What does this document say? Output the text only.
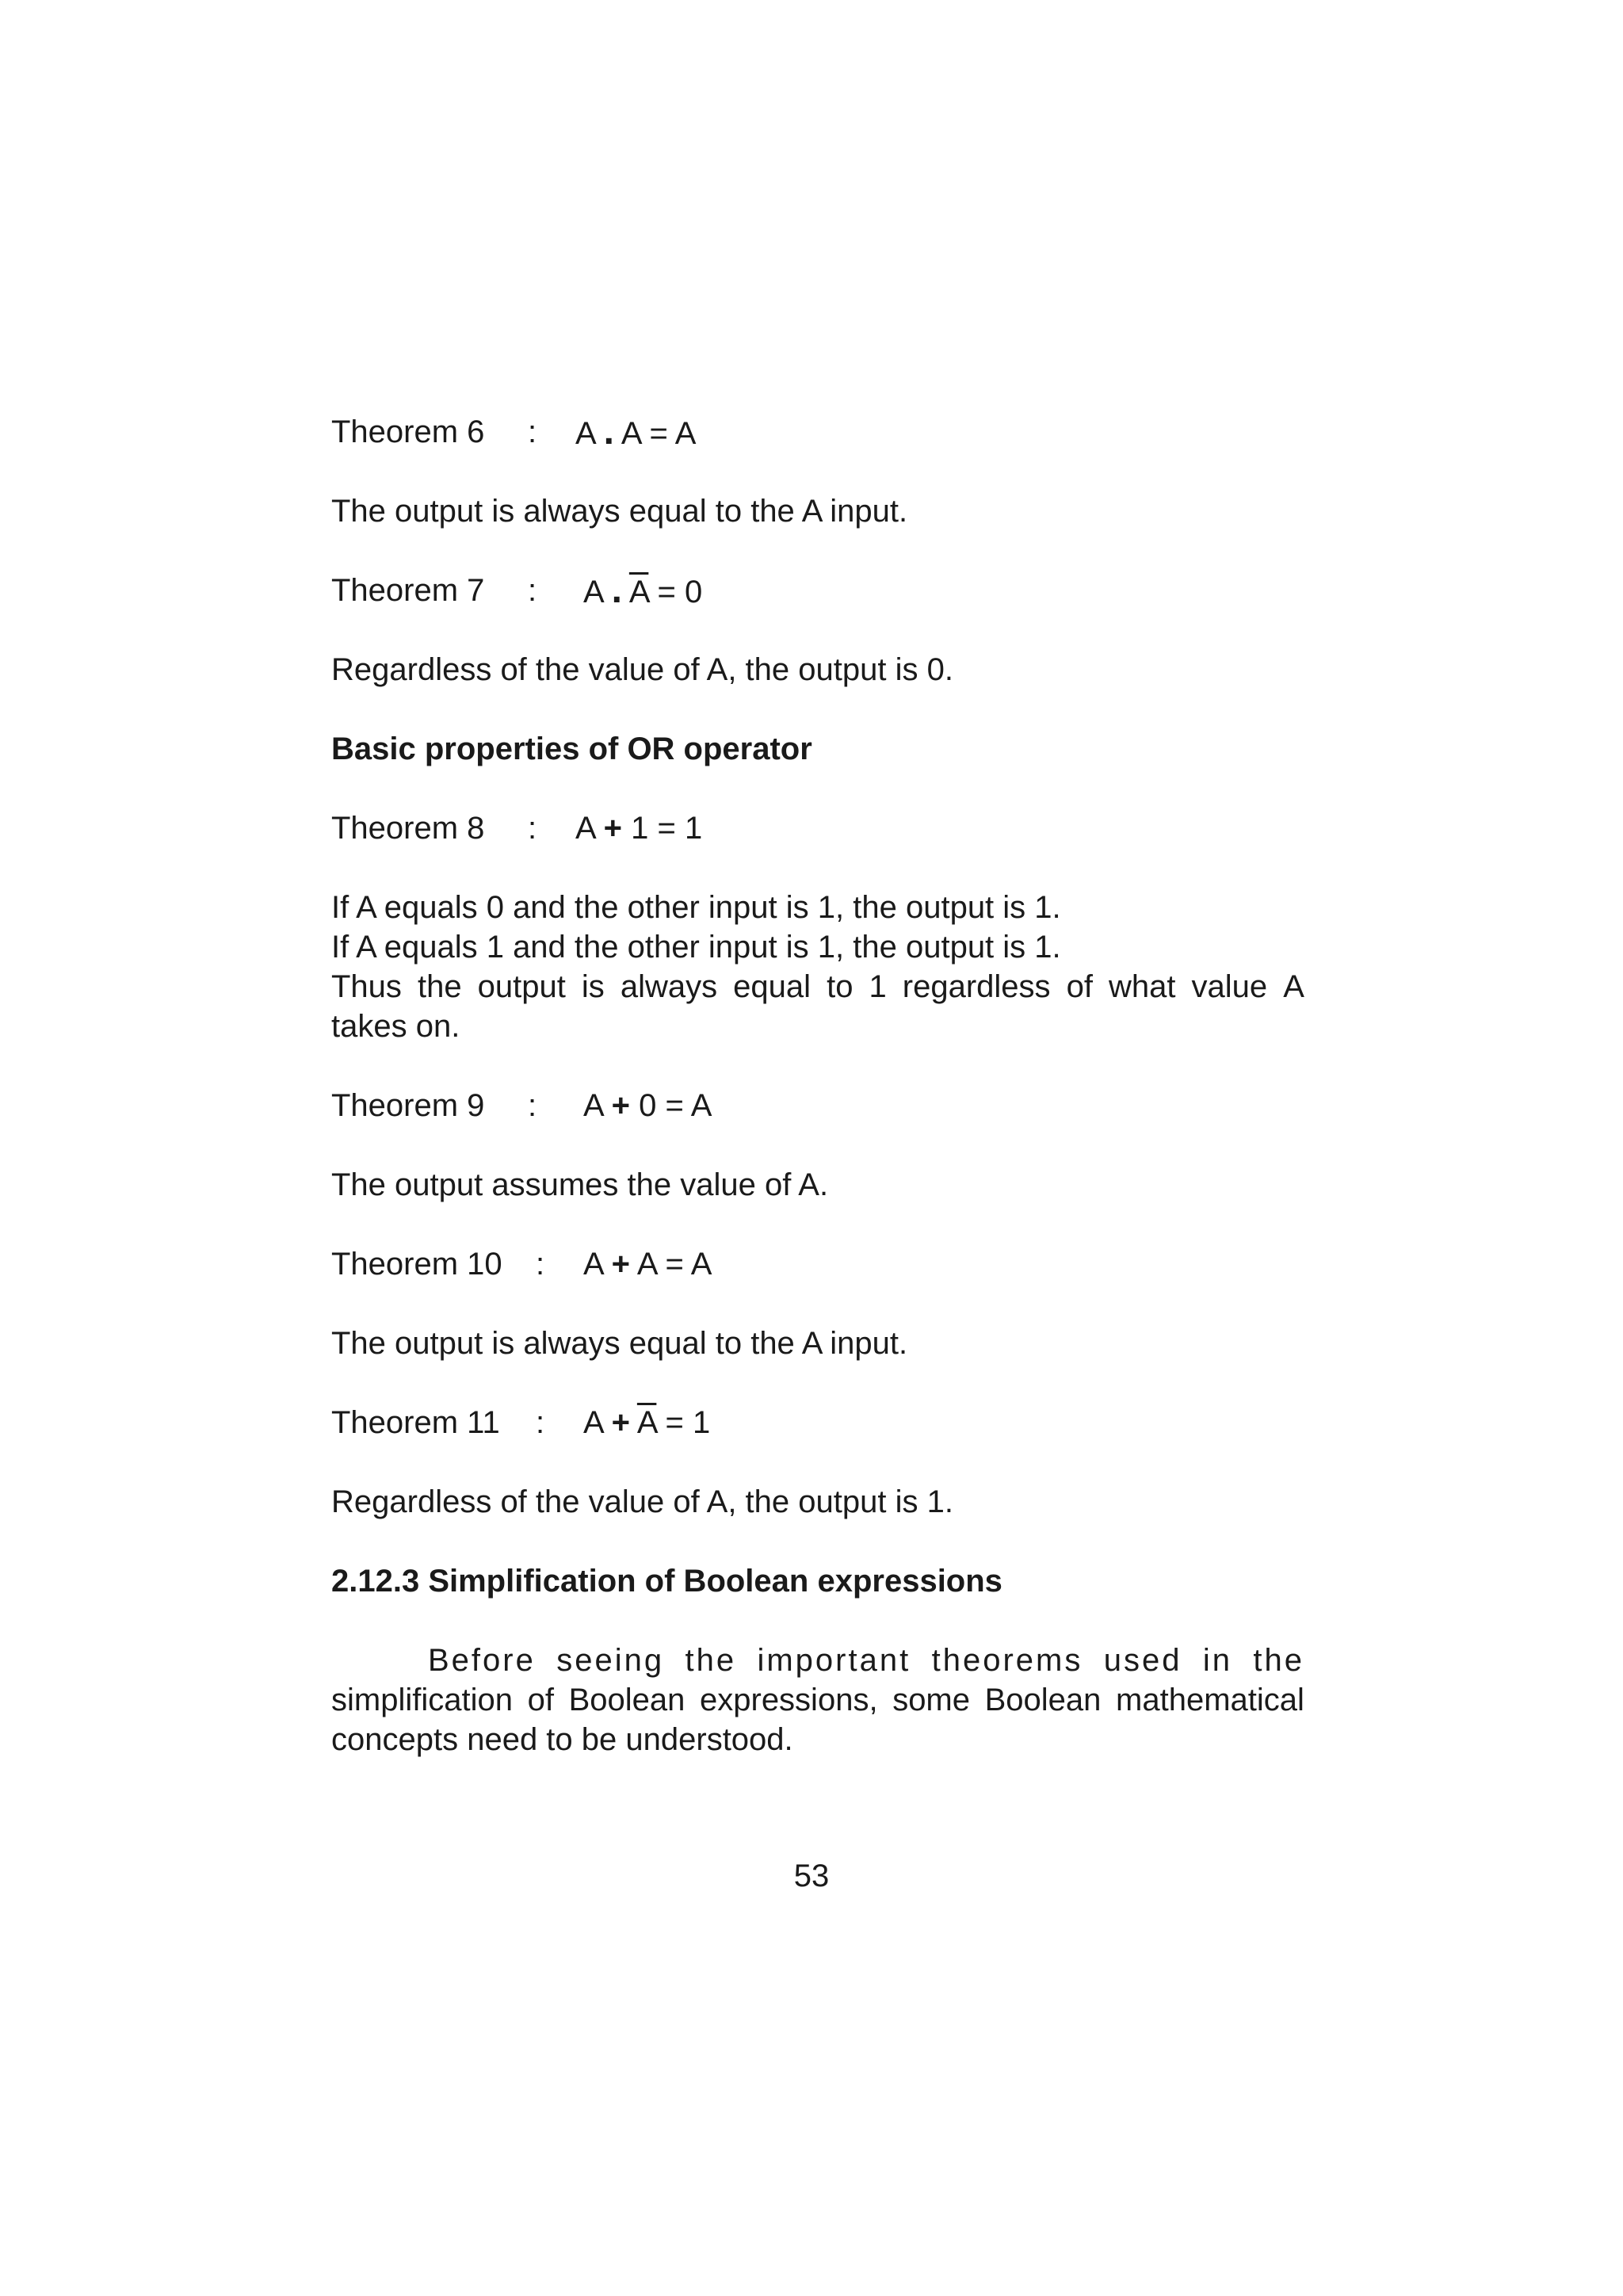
Theorem 6 : A . A = A
The output is always equal to the A input.
Theorem 7 : A . $\overline{A} = 0$
Regardless of the value of A, the output is 0.
Basic properties of OR operator
Theorem 8 : A + 1 = 1
If A equals 0 and the other input is 1, the output is 1.
If A equals 1 and the other input is 1, the output is 1.
Thus the output is always equal to 1 regardless of what value A
takes on.
Theorem 9 : A + 0 = A
The output assumes the value of A.
Theorem 10 : A + A = A
The output is always equal to the A input.
Theorem 11 : $A + \overline{A} = 1$
Regardless of the value of A, the output is 1.
2.12.3 Simplification of Boolean expressions
Before seeing the important theorems used in the
simplification of Boolean expressions, some Boolean mathematical
concepts need to be understood.
53
